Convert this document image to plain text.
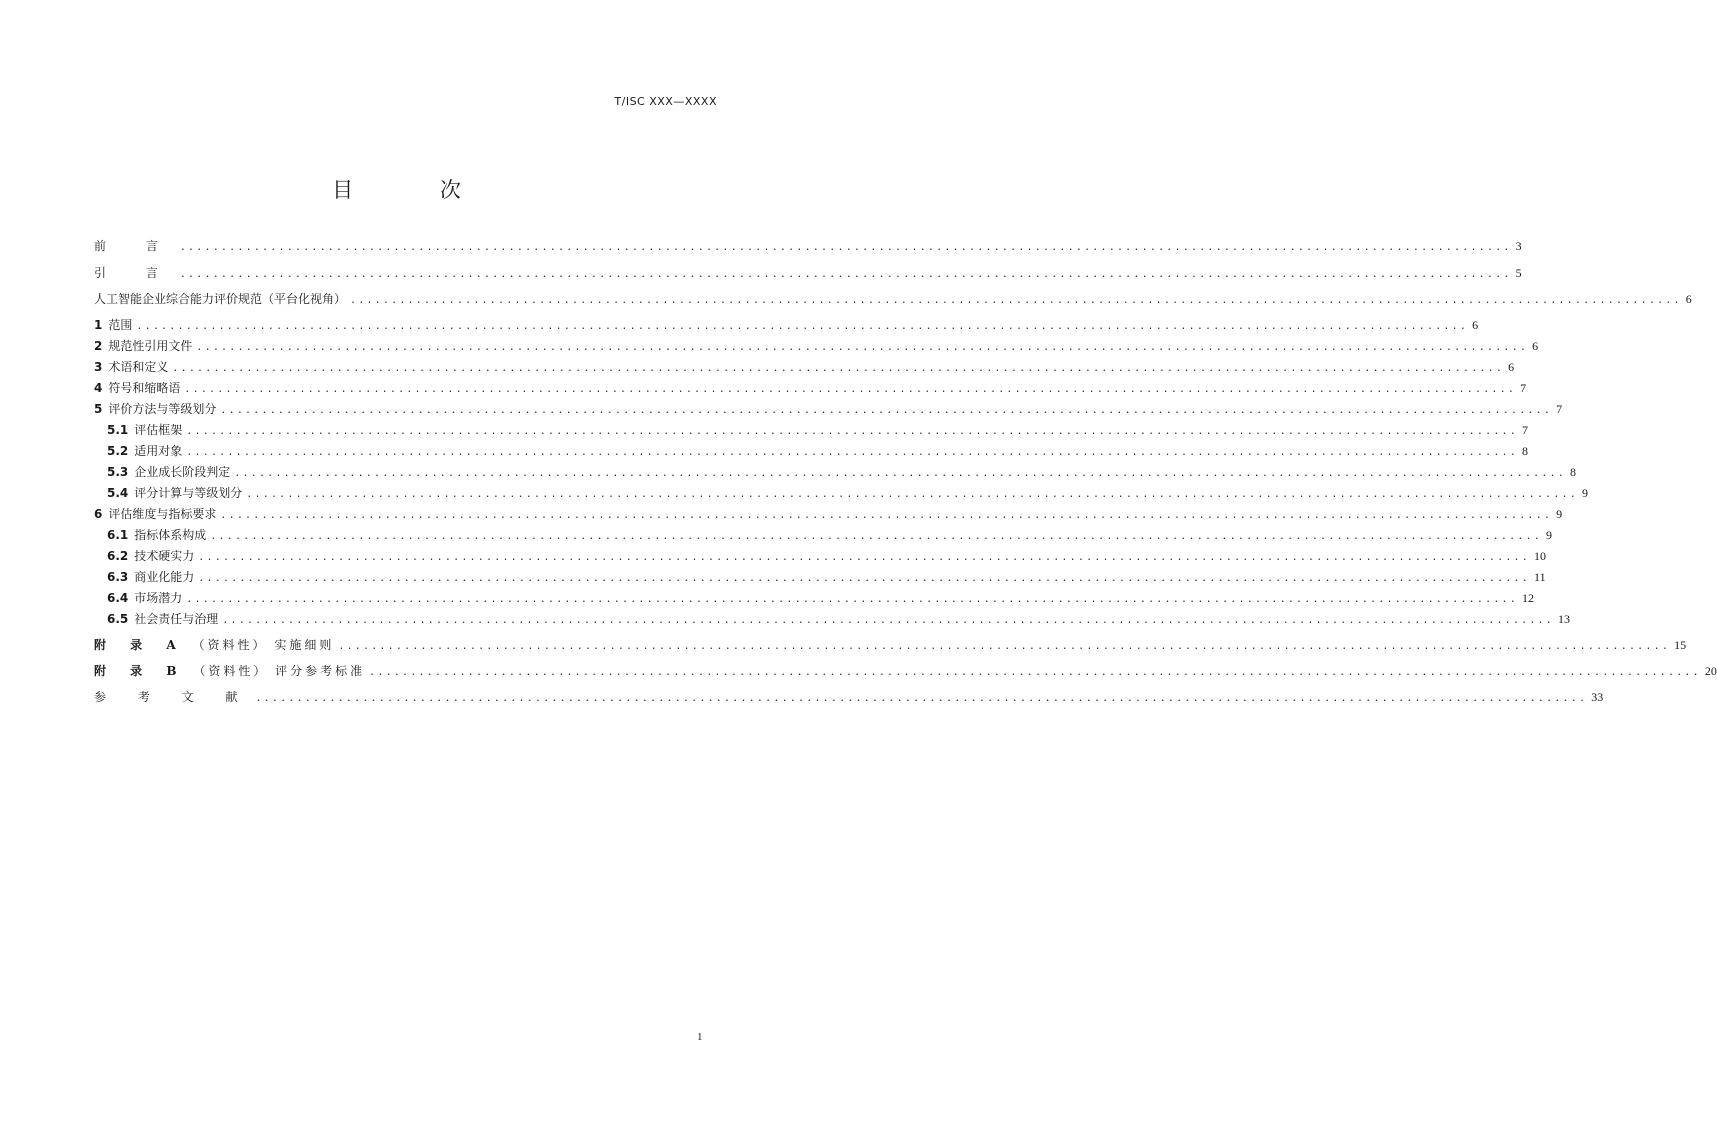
T/ISC XXX—XXXX
目 次
前 言 .................................................................................................................................................................. 3
引 言 .................................................................................................................................................................. 5
人工智能企业综合能力评价规范（平台化视角） .................................................................................................................................................................. 6
1 范围 .................................................................................................................................................................. 6
2 规范性引用文件 .................................................................................................................................................................. 6
3 术语和定义 .................................................................................................................................................................. 6
4 符号和缩略语 .................................................................................................................................................................. 7
5 评价方法与等级划分 .................................................................................................................................................................. 7
5.1 评估框架 .................................................................................................................................................................. 7
5.2 适用对象 .................................................................................................................................................................. 8
5.3 企业成长阶段判定 .................................................................................................................................................................. 8
5.4 评分计算与等级划分 .................................................................................................................................................................. 9
6 评估维度与指标要求 .................................................................................................................................................................. 9
6.1 指标体系构成 .................................................................................................................................................................. 9
6.2 技术硬实力 .................................................................................................................................................................. 10
6.3 商业化能力 .................................................................................................................................................................. 11
6.4 市场潜力 .................................................................................................................................................................. 12
6.5 社会责任与治理 .................................................................................................................................................................. 13
附 录 A （资料性） 实施细则 .................................................................................................................................................................. 15
附 录 B （资料性） 评分参考标准 .................................................................................................................................................................. 20
参 考 文 献 .................................................................................................................................................................. 33
1
